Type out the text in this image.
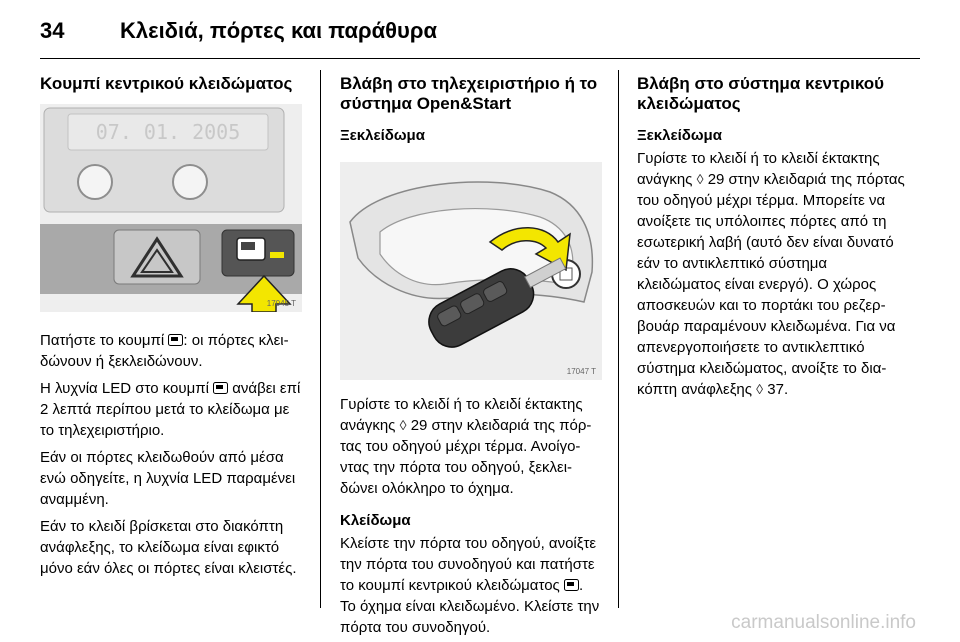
34	Κλειδιά, πόρτες και παράθυρα
Κουμπί κεντρικού κλειδώματος
07. 01. 2005
17045 T

Πατήστε το κουμπί : οι πόρτες κλειδώνουν ή ξεκλειδώνουν.

Η λυχνία LED στο κουμπί  ανάβει επί 2 λεπτά περίπου μετά το κλείδωμα με το τηλεχειριστήριο.

Εάν οι πόρτες κλειδωθούν από μέσα ενώ οδηγείτε, η λυχνία LED παραμένει αναμμένη.

Εάν το κλειδί βρίσκεται στο διακόπτη ανάφλεξης, το κλείδωμα είναι εφικτό μόνο εάν όλες οι πόρτες είναι κλειστές.

Βλάβη στο τηλεχειριστήριο ή το σύστημα Open&Start
Ξεκλείδωμα
17047 T

Γυρίστε το κλειδί ή το κλειδί έκτακτης ανάγκης ◊ 29 στην κλειδαριά της πόρτας του οδηγού μέχρι τέρμα. Ανοίγοντας την πόρτα του οδηγού, ξεκλειδώνει ολόκληρο το όχημα.

Κλείδωμα

Κλείστε την πόρτα του οδηγού, ανοίξτε την πόρτα του συνοδηγού και πατήστε το κουμπί κεντρικού κλειδώματος . Το όχημα είναι κλειδωμένο. Κλείστε την πόρτα του συνοδηγού.

Βλάβη στο σύστημα κεντρικού κλειδώματος
Ξεκλείδωμα

Γυρίστε το κλειδί ή το κλειδί έκτακτης ανάγκης ◊ 29 στην κλειδαριά της πόρτας του οδηγού μέχρι τέρμα. Μπορείτε να ανοίξετε τις υπόλοιπες πόρτες από τη εσωτερική λαβή (αυτό δεν είναι δυνατό εάν το αντικλεπτικό σύστημα κλειδώματος είναι ενεργό). Ο χώρος αποσκευών και το πορτάκι του ρεζερβουάρ παραμένουν κλειδωμένα. Για να απενεργοποιήσετε το αντικλεπτικό σύστημα κλειδώματος, ανοίξτε το διακόπτη ανάφλεξης ◊ 37.

carmanualsonline.info
